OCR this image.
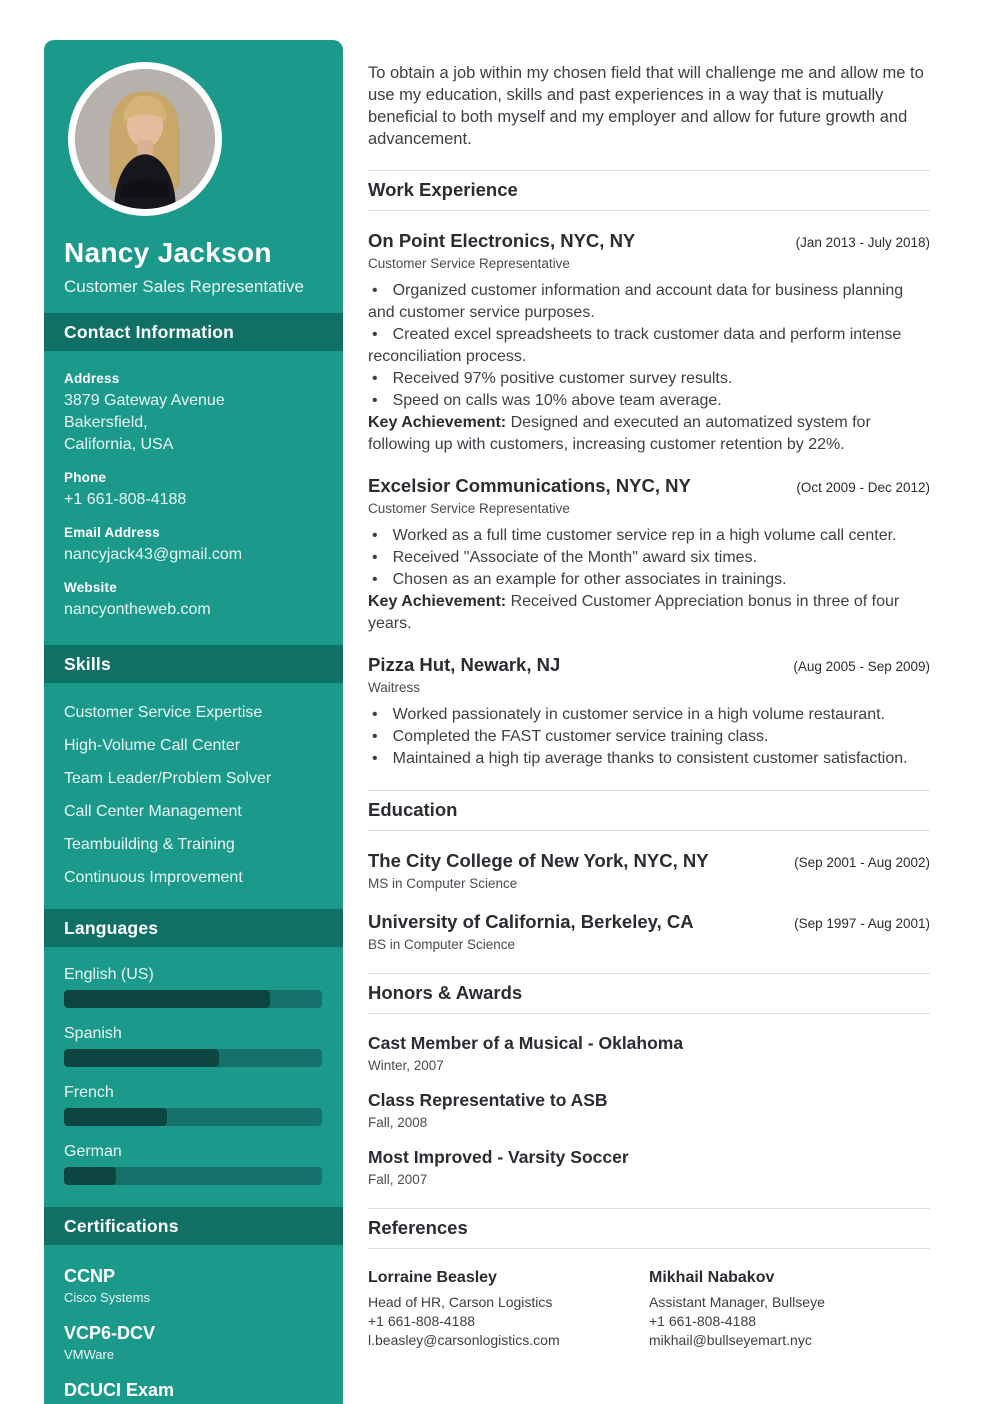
Nancy Jackson
Customer Sales Representative
Contact Information
Address
3879 Gateway Avenue
Bakersfield,
California, USA
Phone
+1 661-808-4188
Email Address
nancyjack43@gmail.com
Website
nancyontheweb.com
Skills
Customer Service Expertise
High-Volume Call Center
Team Leader/Problem Solver
Call Center Management
Teambuilding & Training
Continuous Improvement
Languages
English (US)
Spanish
French
German
Certifications
CCNP
Cisco Systems
VCP6-DCV
VMWare
DCUCI Exam

To obtain a job within my chosen field that will challenge me and allow me to use my education, skills and past experiences in a way that is mutually beneficial to both myself and my employer and allow for future growth and advancement.

Work Experience
On Point Electronics, NYC, NY	(Jan 2013 - July 2018)
Customer Service Representative
• Organized customer information and account data for business planning and customer service purposes.
• Created excel spreadsheets to track customer data and perform intense reconciliation process.
• Received 97% positive customer survey results.
• Speed on calls was 10% above team average.
Key Achievement: Designed and executed an automatized system for following up with customers, increasing customer retention by 22%.
Excelsior Communications, NYC, NY	(Oct 2009 - Dec 2012)
Customer Service Representative
• Worked as a full time customer service rep in a high volume call center.
• Received "Associate of the Month" award six times.
• Chosen as an example for other associates in trainings.
Key Achievement: Received Customer Appreciation bonus in three of four years.
Pizza Hut, Newark, NJ	(Aug 2005 - Sep 2009)
Waitress
• Worked passionately in customer service in a high volume restaurant.
• Completed the FAST customer service training class.
• Maintained a high tip average thanks to consistent customer satisfaction.
Education
The City College of New York, NYC, NY	(Sep 2001 - Aug 2002)
MS in Computer Science
University of California, Berkeley, CA	(Sep 1997 - Aug 2001)
BS in Computer Science
Honors & Awards
Cast Member of a Musical - Oklahoma
Winter, 2007
Class Representative to ASB
Fall, 2008
Most Improved - Varsity Soccer
Fall, 2007
References
Lorraine Beasley
Head of HR, Carson Logistics
+1 661-808-4188
l.beasley@carsonlogistics.com
Mikhail Nabakov
Assistant Manager, Bullseye
+1 661-808-4188
mikhail@bullseyemart.nyc
